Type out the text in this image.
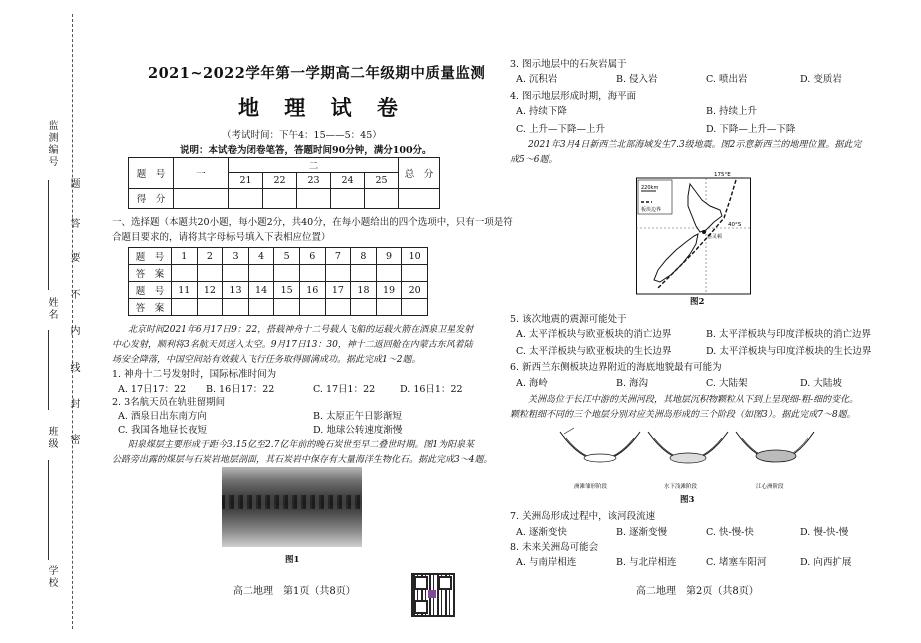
监测编号
题
答
要
不
内
线
封
密
姓名
班级
学校
2021~2022学年第一学期高二年级期中质量监测
地 理 试 卷
（考试时间：下午4：15——5：45）
说明：本试卷为闭卷笔答，答题时间90分钟，满分100分。
题　号	一	二					总　分
		21	22	23	24	25	
得　分							
一、选择题（本题共20小题，每小题2分，共40分，在每小题给出的四个选项中，只有一项是符
合题目要求的，请将其字母标号填入下表相应位置）
题　号	1	2	3	4	5	6	7	8	9	10
答　案										
题　号	11	12	13	14	15	16	17	18	19	20
答　案										
北京时间2021年6月17日9：22，搭载神舟十二号载人飞船的运载火箭在酒泉卫星发射
中心发射，顺利将3名航天员送入太空。9月17日13：30，神十二返回舱在内蒙古东风着陆
场安全降落，中国空间站有效载入飞行任务取得圆满成功。据此完成1～2题。
1. 神舟十二号发射时，国际标准时间为
A. 17日17：22 B. 16日17：22	C. 17日1：22	D. 16日1：22
2. 3名航天员在轨驻留期间
A. 酒泉日出东南方向	B. 太原正午日影渐短
C. 我国各地昼长夜短	D. 地球公转速度渐慢
阳泉煤层主要形成于距今3.15亿至2.7亿年前的晚石炭世至早二叠世时期。图1为阳泉某
公路旁出露的煤层与石炭岩地层剖面，其石炭岩中保存有大量海洋生物化石。据此完成3～4题。
图1
高二地理　第1页（共8页）
3. 图示地层中的石灰岩属于
A. 沉积岩	B. 侵入岩	C. 喷出岩	D. 变质岩
4. 图示地层形成时期，海平面
A. 持续下降	B. 持续上升
C. 上升—下降—上升	D. 下降—上升—下降
2021年3月4日新西兰北部海域发生7.3级地震。图2示意新西兰的地理位置。据此完
成5～6题。
175°E
40°S
220km
板块边界
惠灵顿
图2
5. 该次地震的震源可能处于
A. 太平洋板块与欧亚板块的消亡边界	B. 太平洋板块与印度洋板块的消亡边界
C. 太平洋板块与欧亚板块的生长边界	D. 太平洋板块与印度洋板块的生长边界
6. 新西兰东侧板块边界附近的海底地貌最有可能为
A. 海岭	B. 海沟	C. 大陆架	D. 大陆坡
关洲岛位于长江中游的关洲河段，其地层沉积物颗粒从下到上呈现细-粗-细的变化。
颗粒粗细不同的三个地层分别对应关洲岛形成的三个阶段（如图3）。据此完成7～8题。
洲滩雏形阶段	水下浅滩阶段	江心洲阶段
图3
7. 关洲岛形成过程中，该河段流速
A. 逐渐变快	B. 逐渐变慢	C. 快-慢-快	D. 慢-快-慢
8. 未来关洲岛可能会
A. 与南岸相连	B. 与北岸相连	C. 堵塞车阳河	D. 向西扩展
高二地理　第2页（共8页）
